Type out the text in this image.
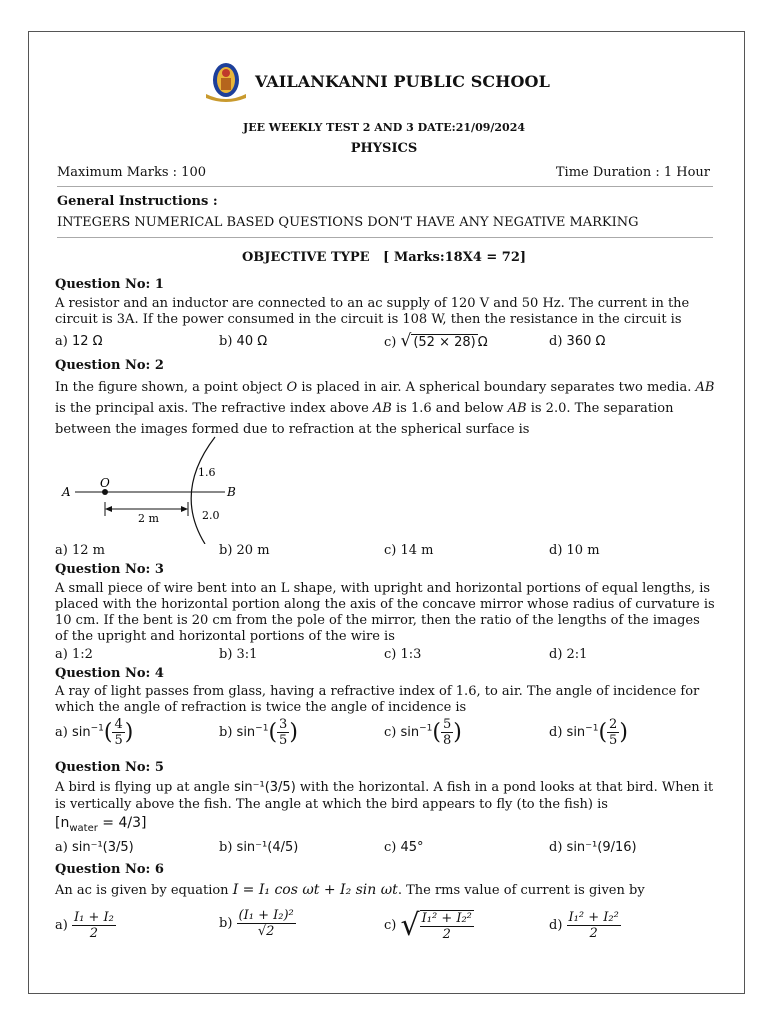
VAILANKANNI PUBLIC SCHOOL
JEE WEEKLY TEST 2 AND 3 DATE:21/09/2024
PHYSICS
Maximum Marks : 100	Time Duration : 1 Hour
General Instructions :
INTEGERS NUMERICAL BASED QUESTIONS DON'T HAVE ANY NEGATIVE MARKING
OBJECTIVE TYPE [ Marks:18X4 = 72]
Question No: 1
A resistor and an inductor are connected to an ac supply of 120 V and 50 Hz. The current in the circuit is 3A. If the power consumed in the circuit is 108 W, then the resistance in the circuit is
a) 12 Ω	b) 40 Ω	c) √ (52 × 28) Ω	d) 360 Ω
Question No: 2
In the figure shown, a point object O is placed in air. A spherical boundary separates two media. AB is the principal axis. The refractive index above AB is 1.6 and below AB is 2.0. The separation between the images formed due to refraction at the spherical surface is
A
O
B
1.6
2.0
2 m
a) 12 m	b) 20 m	c) 14 m	d) 10 m
Question No: 3
A small piece of wire bent into an L shape, with upright and horizontal portions of equal lengths, is placed with the horizontal portion along the axis of the concave mirror whose radius of curvature is 10 cm. If the bent is 20 cm from the pole of the mirror, then the ratio of the lengths of the images of the upright and horizontal portions of the wire is
a) 1:2	b) 3:1	c) 1:3	d) 2:1
Question No: 4
A ray of light passes from glass, having a refractive index of 1.6, to air. The angle of incidence for which the angle of refraction is twice the angle of incidence is
a) $\sin^{-1}( \frac{4}{5}$ )	b) $\sin^{-1}( \frac{3}{5}$ )	c) $\sin^{-1}( \frac{5}{8}$ )	d) $\sin^{-1}( \frac{2}{5}$ )
Question No: 5
A bird is flying up at angle sin⁻¹(3/5) with the horizontal. A fish in a pond looks at that bird. When it is vertically above the fish. The angle at which the bird appears to fly (to the fish) is
$[n_{water} = 4/3]$
a) sin⁻¹(3/5)	b) sin⁻¹(4/5)	c) 45°	d) sin⁻¹(9/16)
Question No: 6
An ac is given by equation I = I₁ cos ωt + I₂ sin ωt. The rms value of current is given by
$a) \frac{\text{I₁ + I₂}}{2}$	$b) \frac{\text{(I₁ + I₂)²}}{√2}$	c) √ $\frac{\text{I₁² + I₂²}}{2}$	$d) \frac{\text{I₁² + I₂²}}{2}$
